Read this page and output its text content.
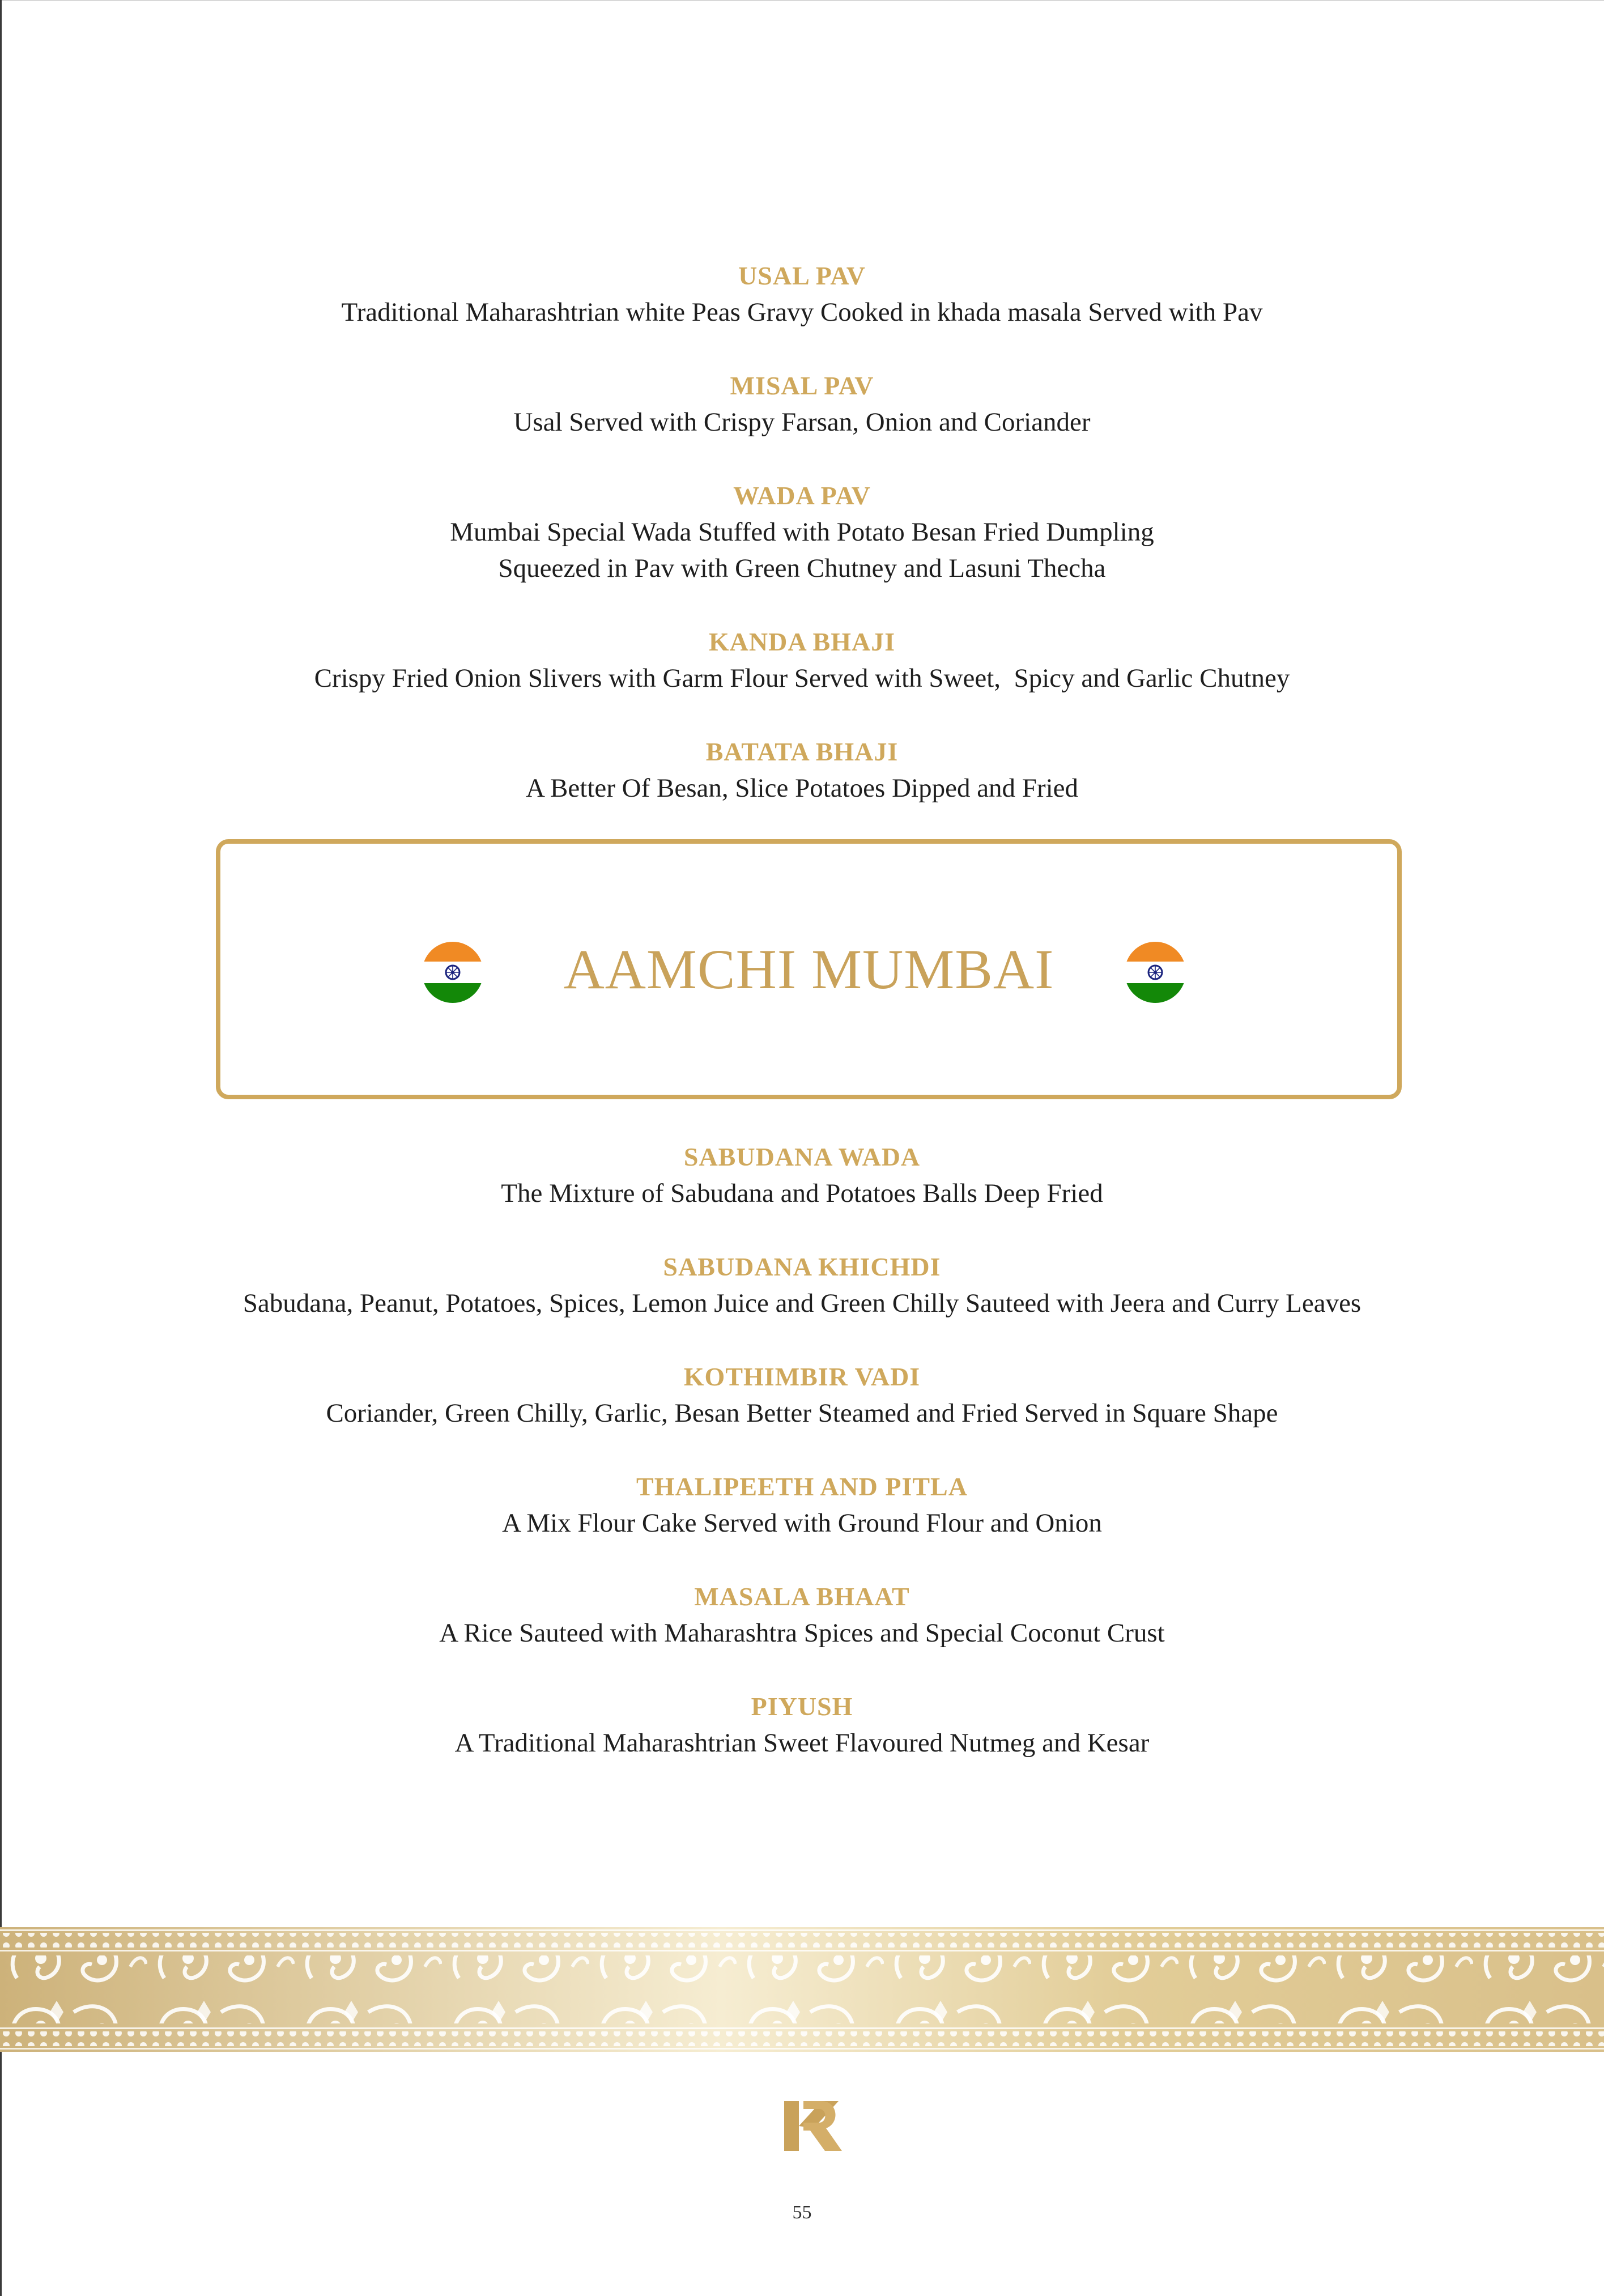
USAL PAV
Traditional Maharashtrian white Peas Gravy Cooked in khada masala Served with Pav
MISAL PAV
Usal Served with Crispy Farsan, Onion and Coriander
WADA PAV
Mumbai Special Wada Stuffed with Potato Besan Fried Dumpling
Squeezed in Pav with Green Chutney and Lasuni Thecha
KANDA BHAJI
Crispy Fried Onion Slivers with Garm Flour Served with Sweet,  Spicy and Garlic Chutney
BATATA BHAJI
A Better Of Besan, Slice Potatoes Dipped and Fried
AAMCHI MUMBAI
SABUDANA WADA
The Mixture of Sabudana and Potatoes Balls Deep Fried
SABUDANA KHICHDI
Sabudana, Peanut, Potatoes, Spices, Lemon Juice and Green Chilly Sauteed with Jeera and Curry Leaves
KOTHIMBIR VADI
Coriander, Green Chilly, Garlic, Besan Better Steamed and Fried Served in Square Shape
THALIPEETH AND PITLA
A Mix Flour Cake Served with Ground Flour and Onion
MASALA BHAAT
A Rice Sauteed with Maharashtra Spices and Special Coconut Crust
PIYUSH
A Traditional Maharashtrian Sweet Flavoured Nutmeg and Kesar
55
